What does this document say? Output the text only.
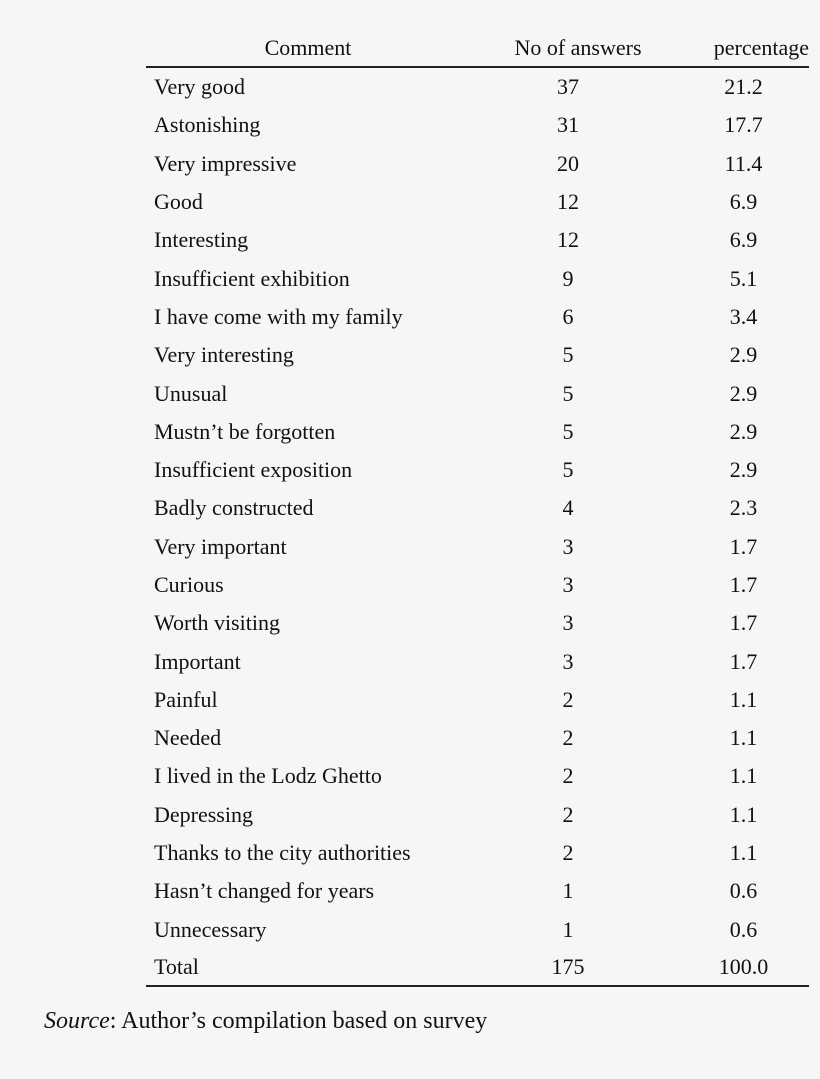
Comment	No of answers	percentage
Very good	37	21.2
Astonishing	31	17.7
Very impressive	20	11.4
Good	12	6.9
Interesting	12	6.9
Insufficient exhibition	9	5.1
I have come with my family	6	3.4
Very interesting	5	2.9
Unusual	5	2.9
Mustn’t be forgotten	5	2.9
Insufficient exposition	5	2.9
Badly constructed	4	2.3
Very important	3	1.7
Curious	3	1.7
Worth visiting	3	1.7
Important	3	1.7
Painful	2	1.1
Needed	2	1.1
I lived in the Lodz Ghetto	2	1.1
Depressing	2	1.1
Thanks to the city authorities	2	1.1
Hasn’t changed for years	1	0.6
Unnecessary	1	0.6
Total	175	100.0
Source: Author’s compilation based on survey
